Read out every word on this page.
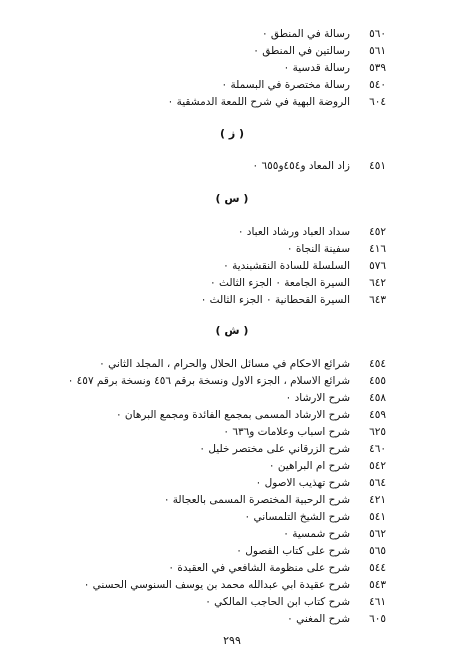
٥٦٠رسالة في المنطق ٠
٥٦١رسالتين في المنطق ٠
٥٣٩رسالة قدسية ٠
٥٤٠رسالة مختصرة في البسملة ٠
٦٠٤الروضة البهية في شرح اللمعة الدمشقية ٠
( ز )
٤٥١زاد المعاد و٤٥٤و٦٥٥ ٠
( س )
٤٥٢سداد العباد ورشاد العباد ٠
٤١٦سفينة النجاة ٠
٥٧٦السلسلة للسادة النقشبندية ٠
٦٤٢السيرة الجامعة ٠ الجزء الثالث ٠
٦٤٣السيرة القحطانية ٠ الجزء الثالث ٠
( ش )
٤٥٤شرائع الاحكام في مسائل الحلال والحرام ، المجلد الثاني ٠
٤٥٥شرائع الاسلام ، الجزء الاول ونسخة برقم ٤٥٦ ونسخة برقم ٤٥٧ ٠
٤٥٨شرح الارشاد ٠
٤٥٩شرح الارشاد المسمى بمجمع الفائدة ومجمع البرهان ٠
٦٢٥شرح اسباب وعلامات و٦٣٦ ٠
٤٦٠شرح الزرقاني على مختصر خليل ٠
٥٤٢شرح ام البراهين ٠
٥٦٤شرح تهذيب الاصول ٠
٤٢١شرح الرحبية المختصرة المسمى بالعجالة ٠
٥٤١شرح الشيخ التلمساني ٠
٥٦٢شرح شمسية ٠
٥٦٥شرح على كتاب الفصول ٠
٥٤٤شرح على منظومة الشافعي في العقيدة ٠
٥٤٣شرح عقيدة ابي عبدالله محمد بن يوسف السنوسي الحسني ٠
٤٦١شرح كتاب ابن الحاجب المالكي ٠
٦٠٥شرح المغني ٠
٢٩٩
